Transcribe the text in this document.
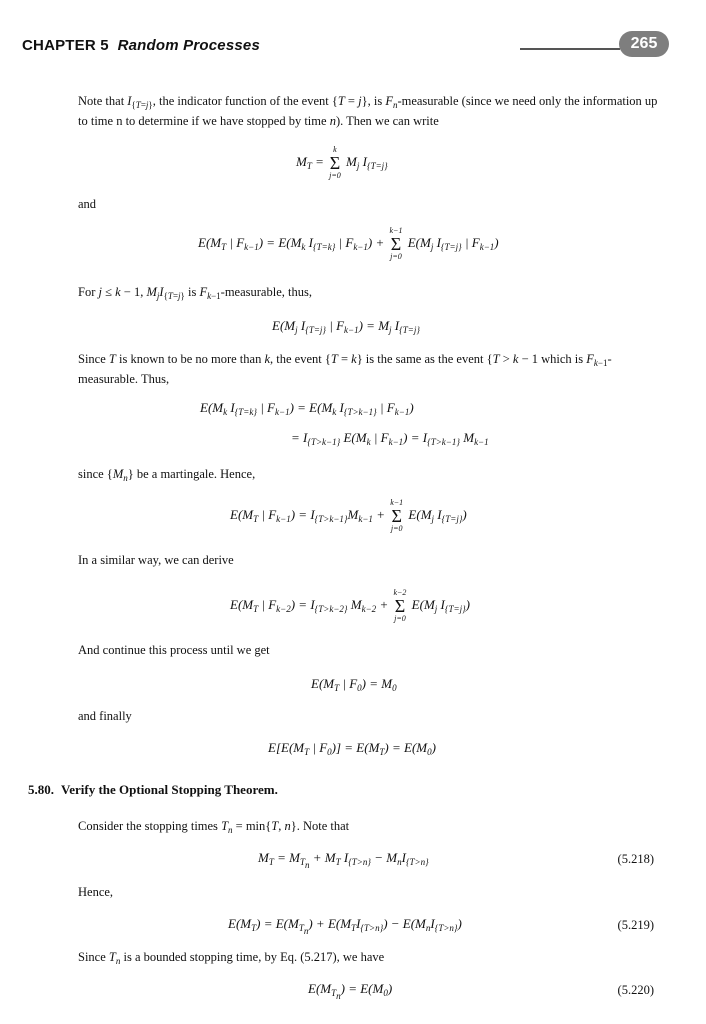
CHAPTER 5 Random Processes	265
Note that $I_{\{T=j\}}$, the indicator function of the event {T = j}, is $F_n$-measurable (since we need only the information up to time n to determine if we have stopped by time n). Then we can write
$M_T$ =
k
Σ
j=0
$M_j$ $I_{\{T=j\}}$
and
$E(M_T$ | $F_{k-1}) = E(M_k$ $I_{\{T=k\}}$ | $F_{k-1}$) +
k−1
Σ
j=0
$E(M_j$ $I_{\{T=j\}}$ | $F_{k-1}$)
For j ≤ k − 1, $M_jI_{\{T=j\}}$ is $F_{k-1}$-measurable, thus,
$E(M_j$ $I_{\{T=j\}}$ | $F_{k-1}) = M_j$ $I_{\{T=j\}}$
Since T is known to be no more than k, the event {T = k} is the same as the event {T > k − 1 which is $F_{k-1}$-measurable. Thus,
$E(M_k$ $I_{\{T=k\}}$ | $F_{k-1}) = E(M_k$ $I_{\{T>k-1\}}$ | $F_{k-1}$)
= $I_{\{T>k-1\}}$ $E(M_k$ | $F_{k-1}) = I_{\{T>k-1\}}$ $M_{k-1}$
since $\{M_n\}$ be a martingale. Hence,
$E(M_T$ | $F_{k-1}) = I_{\{T>k-1\}}M_{k-1}$ +
k−1
Σ
j=0
$E(M_j$ $I_{\{T=j\}}$)
In a similar way, we can derive
$E(M_T$ | $F_{k-2}) = I_{\{T>k-2\}}$ $M_{k-2}$ +
k−2
Σ
j=0
$E(M_j$ $I_{\{T=j\}}$)
And continue this process until we get
$E(M_T$ | $F_0) = M_0$
and finally
$E[E(M_T$ | $F_0)] = E(M_T) = E(M_0)$
5.80. Verify the Optional Stopping Theorem.
Consider the stopping times $T_n = \min\{T$, n}. Note that
$M_T = M_{T_n} + M_T$ $I_{\{T>n\}} - M_nI_{\{T>n\}}$	(5.218)
Hence,
$E(M_T) = E(M_{T_n}) + E(M_TI_{\{T>n\}}) - E(M_nI_{\{T>n\}})$	(5.219)
Since $T_n$ is a bounded stopping time, by Eq. (5.217), we have
$E(M_{T_n}) = E(M_0)$	(5.220)
